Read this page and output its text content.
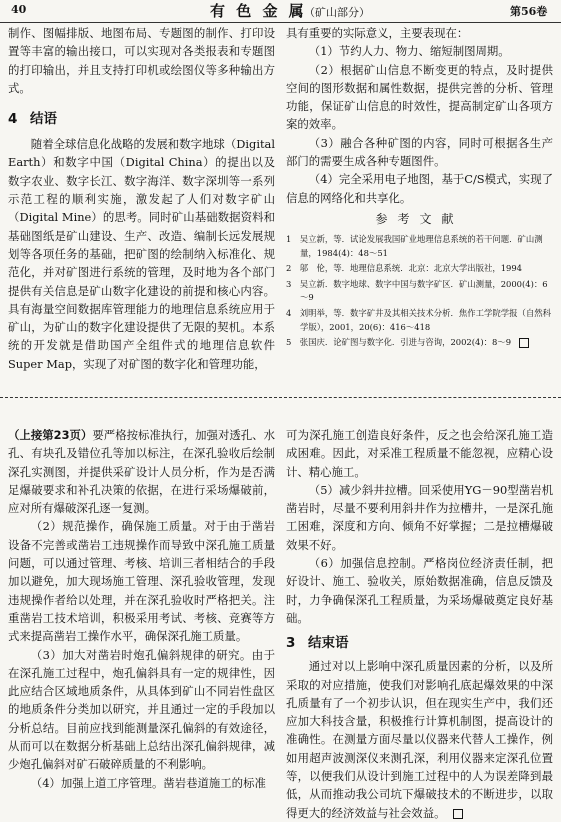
40	有 色 金 属
（矿山部分）	第56卷

制作、图幅排版、地图布局、专题图的制作、打印设置等丰富的输出接口，可以实现对各类报表和专题图的打印输出，并且支持打印机或绘图仪等多种输出方式。

4 结语

随着全球信息化战略的发展和数字地球（Digital Earth）和数字中国（Digital China）的提出以及数字农业、数字长江、数字海洋、数字深圳等一系列示范工程的顺利实施，激发起了人们对数字矿山（Digital Mine）的思考。同时矿山基础数据资料和基础图纸是矿山建设、生产、改造、编制长远发展规划等各项任务的基础，把矿图的绘制纳入标准化、规范化，并对矿图进行系统的管理，及时地为各个部门提供有关信息是矿山数字化建设的前提和核心内容。具有海量空间数据库管理能力的地理信息系统应用于矿山，为矿山的数字化建设提供了无限的契机。本系统的开发就是借助国产全组件式的地理信息软件Super Map，实现了对矿图的数字化和管理功能，

具有重要的实际意义，主要表现在：

（1）节约人力、物力、缩短制图周期。

（2）根据矿山信息不断变更的特点，及时提供空间的图形数据和属性数据，提供完善的分析、管理功能，保证矿山信息的时效性，提高制定矿山各项方案的效率。

（3）融合各种矿图的内容，同时可根据各生产部门的需要生成各种专题图件。

（4）完全采用电子地图，基于C/S模式，实现了信息的网络化和共享化。

参考文献

1　吴立新，等．试论发展我国矿业地理信息系统的若干问题．矿山测量，1984(4)：48～51

2　邬　伦，等．地理信息系统．北京：北京大学出版社，1994

3　吴立新．数字地球、数字中国与数字矿区．矿山测量，2000(4)：6～9

4　刘明举，等．数字矿井及其相关技术分析．焦作工学院学报（自然科学版），2001，20(6)：416～418

5　张国庆．论矿图与数字化．引进与咨询，2002(4)：8～9

（上接第23页）要严格按标准执行，加强对透孔、水孔、有块孔及错位孔等加以标注，在深孔验收后绘制深孔实测图，并提供采矿设计人员分析，作为是否满足爆破要求和补孔决策的依据，在进行采场爆破前，应对所有爆破深孔逐一复测。

（2）规范操作，确保施工质量。对于由于凿岩设备不完善或凿岩工违规操作而导致中深孔施工质量问题，可以通过管理、考核、培训三者相结合的手段加以避免，加大现场施工管理、深孔验收管理，发现违规操作者给以处理，并在深孔验收时严格把关。注重凿岩工技术培训，积极采用考试、考核、竞赛等方式来提高凿岩工操作水平，确保深孔施工质量。

（3）加大对凿岩时炮孔偏斜规律的研究。由于在深孔施工过程中，炮孔偏斜具有一定的规律性，因此应结合区域地质条件，从具体到矿山不同岩性盘区的地质条件分类加以研究，并且通过一定的手段加以分析总结。目前应找到能测量深孔偏斜的有效途径，从而可以在数据分析基础上总结出深孔偏斜规律，减少炮孔偏斜对矿石破碎质量的不利影响。

（4）加强上道工序管理。凿岩巷道施工的标准

可为深孔施工创造良好条件，反之也会给深孔施工造成困难。因此，对采准工程质量不能忽视，应精心设计、精心施工。

（5）减少斜井拉槽。回采使用YG－90型凿岩机凿岩时，尽量不要利用斜井作为拉槽井，一是深孔施工困难，深度和方向、倾角不好掌握；二是拉槽爆破效果不好。

（6）加强信息控制。严格岗位经济责任制，把好设计、施工、验收关，原始数据准确，信息反馈及时，力争确保深孔工程质量，为采场爆破奠定良好基础。

3 结束语

通过对以上影响中深孔质量因素的分析，以及所采取的对应措施，使我们对影响孔底起爆效果的中深孔质量有了一个初步认识，但在现实生产中，我们还应加大科技含量，积极推行计算机制图，提高设计的准确性。在测量方面尽量以仪器来代替人工操作，例如用超声波测深仪来测孔深，利用仪器来定深孔位置等，以便我们从设计到施工过程中的人为误差降到最低，从而推动我公司坑下爆破技术的不断进步，以取得更大的经济效益与社会效益。
